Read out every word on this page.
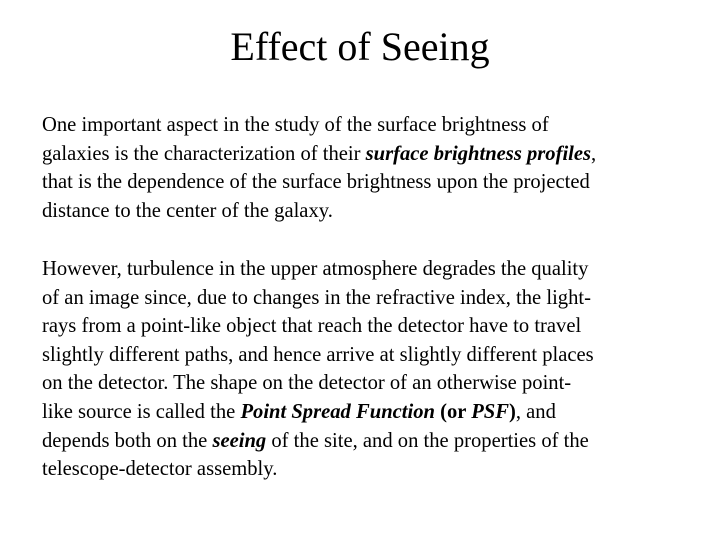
Effect of Seeing

One important aspect in the study of the surface brightness of
galaxies is the characterization of their surface brightness profiles,
that is the dependence of the surface brightness upon the projected
distance to the center of the galaxy.

However, turbulence in the upper atmosphere degrades the quality
of an image since, due to changes in the refractive index, the light-
rays from a point-like object that reach the detector have to travel
slightly different paths, and hence arrive at slightly different places
on the detector. The shape on the detector of an otherwise point-
like source is called the Point Spread Function (or PSF), and
depends both on the seeing of the site, and on the properties of the
telescope-detector assembly.
